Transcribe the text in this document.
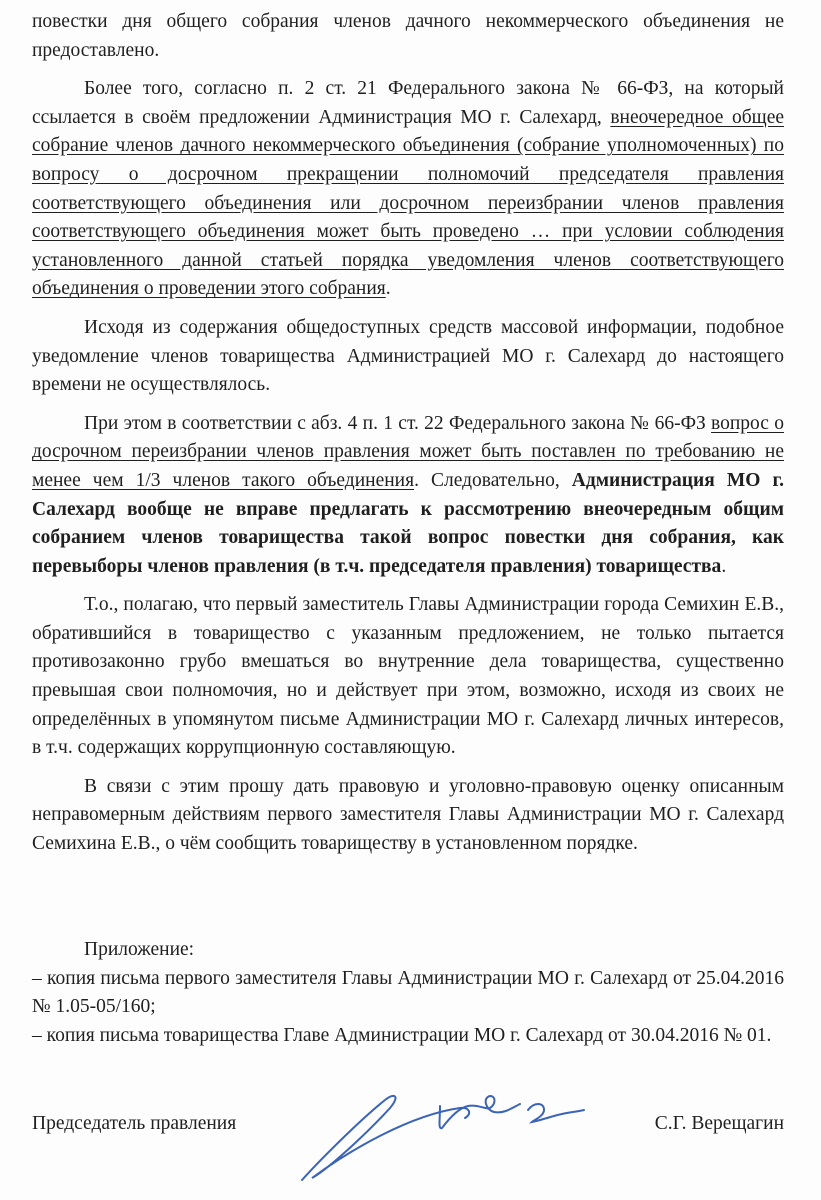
повестки дня общего собрания членов дачного некоммерческого объединения не предоставлено.

Более того, согласно п. 2 ст. 21 Федерального закона № 66-ФЗ, на который ссылается в своём предложении Администрация МО г. Салехард, внеочередное общее собрание членов дачного некоммерческого объединения (собрание уполномоченных) по вопросу о досрочном прекращении полномочий председателя правления соответствующего объединения или досрочном переизбрании членов правления соответствующего объединения может быть проведено … при условии соблюдения установленного данной статьей порядка уведомления членов соответствующего объединения о проведении этого собрания.

Исходя из содержания общедоступных средств массовой информации, подобное уведомление членов товарищества Администрацией МО г. Салехард до настоящего времени не осуществлялось.

При этом в соответствии с абз. 4 п. 1 ст. 22 Федерального закона № 66-ФЗ вопрос о досрочном переизбрании членов правления может быть поставлен по требованию не менее чем 1/3 членов такого объединения. Следовательно, Администрация МО г. Салехард вообще не вправе предлагать к рассмотрению внеочередным общим собранием членов товарищества такой вопрос повестки дня собрания, как перевыборы членов правления (в т.ч. председателя правления) товарищества.

Т.о., полагаю, что первый заместитель Главы Администрации города Семихин Е.В., обратившийся в товарищество с указанным предложением, не только пытается противозаконно грубо вмешаться во внутренние дела товарищества, существенно превышая свои полномочия, но и действует при этом, возможно, исходя из своих не определённых в упомянутом письме Администрации МО г. Салехард личных интересов, в т.ч. содержащих коррупционную составляющую.

В связи с этим прошу дать правовую и уголовно-правовую оценку описанным неправомерным действиям первого заместителя Главы Администрации МО г. Салехард Семихина Е.В., о чём сообщить товариществу в установленном порядке.

Приложение:

– копия письма первого заместителя Главы Администрации МО г. Салехард от 25.04.2016 № 1.05-05/160;

– копия письма товарищества Главе Администрации МО г. Салехард от 30.04.2016 № 01.

Председатель правления	С.Г. Верещагин
